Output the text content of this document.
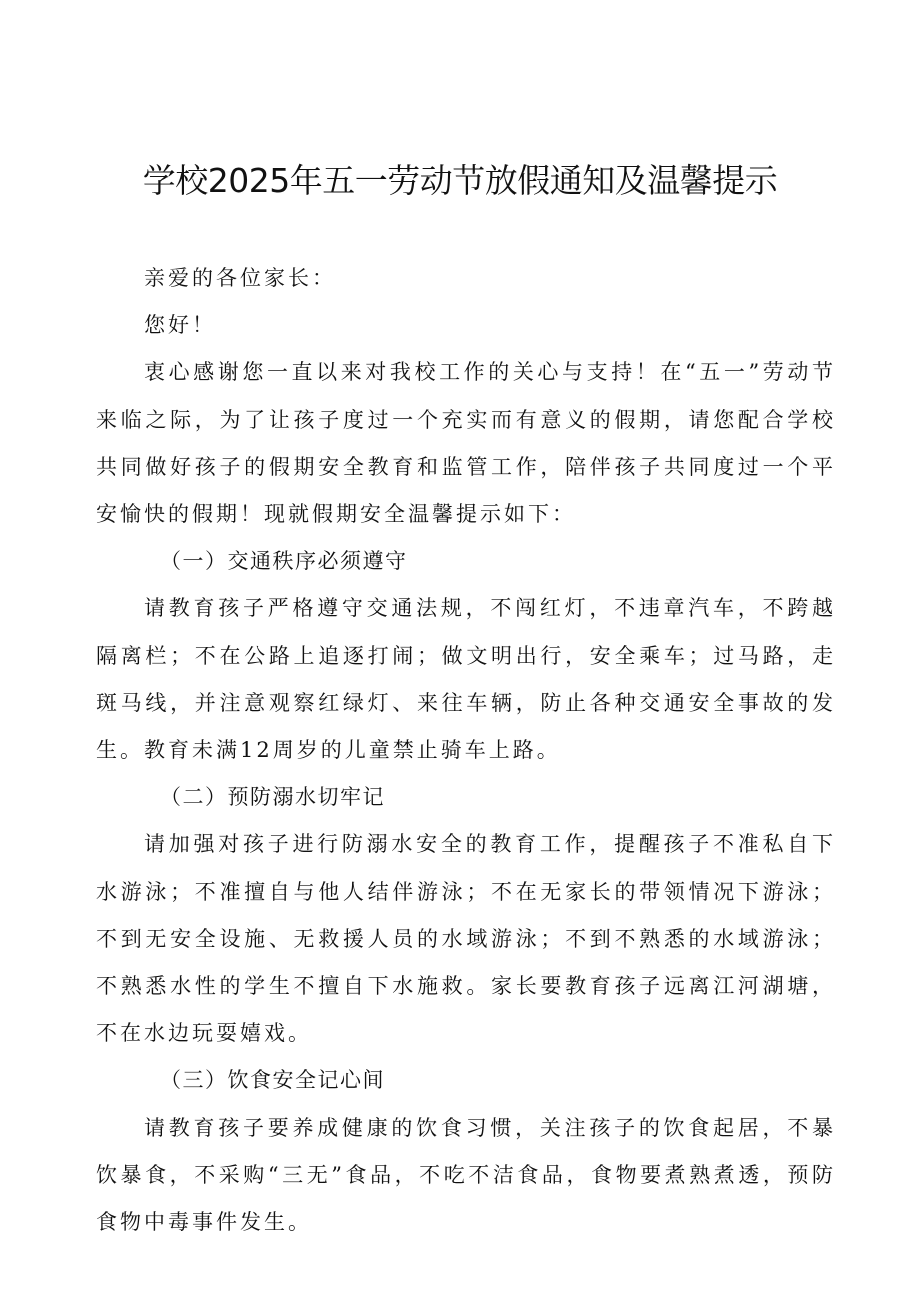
学校2025年五一劳动节放假通知及温馨提示

亲爱的各位家长：

您好！

衷心感谢您一直以来对我校工作的关心与支持！在“五一”劳动节来临之际，为了让孩子度过一个充实而有意义的假期，请您配合学校共同做好孩子的假期安全教育和监管工作，陪伴孩子共同度过一个平安愉快的假期！现就假期安全温馨提示如下：

（一）交通秩序必须遵守

请教育孩子严格遵守交通法规，不闯红灯，不违章汽车，不跨越隔离栏；不在公路上追逐打闹；做文明出行，安全乘车；过马路，走斑马线，并注意观察红绿灯、来往车辆，防止各种交通安全事故的发生。教育未满12周岁的儿童禁止骑车上路。

（二）预防溺水切牢记

请加强对孩子进行防溺水安全的教育工作，提醒孩子不准私自下水游泳；不准擅自与他人结伴游泳；不在无家长的带领情况下游泳；不到无安全设施、无救援人员的水域游泳；不到不熟悉的水域游泳；不熟悉水性的学生不擅自下水施救。家长要教育孩子远离江河湖塘，不在水边玩耍嬉戏。

（三）饮食安全记心间

请教育孩子要养成健康的饮食习惯，关注孩子的饮食起居，不暴饮暴食，不采购“三无”食品，不吃不洁食品，食物要煮熟煮透，预防食物中毒事件发生。
